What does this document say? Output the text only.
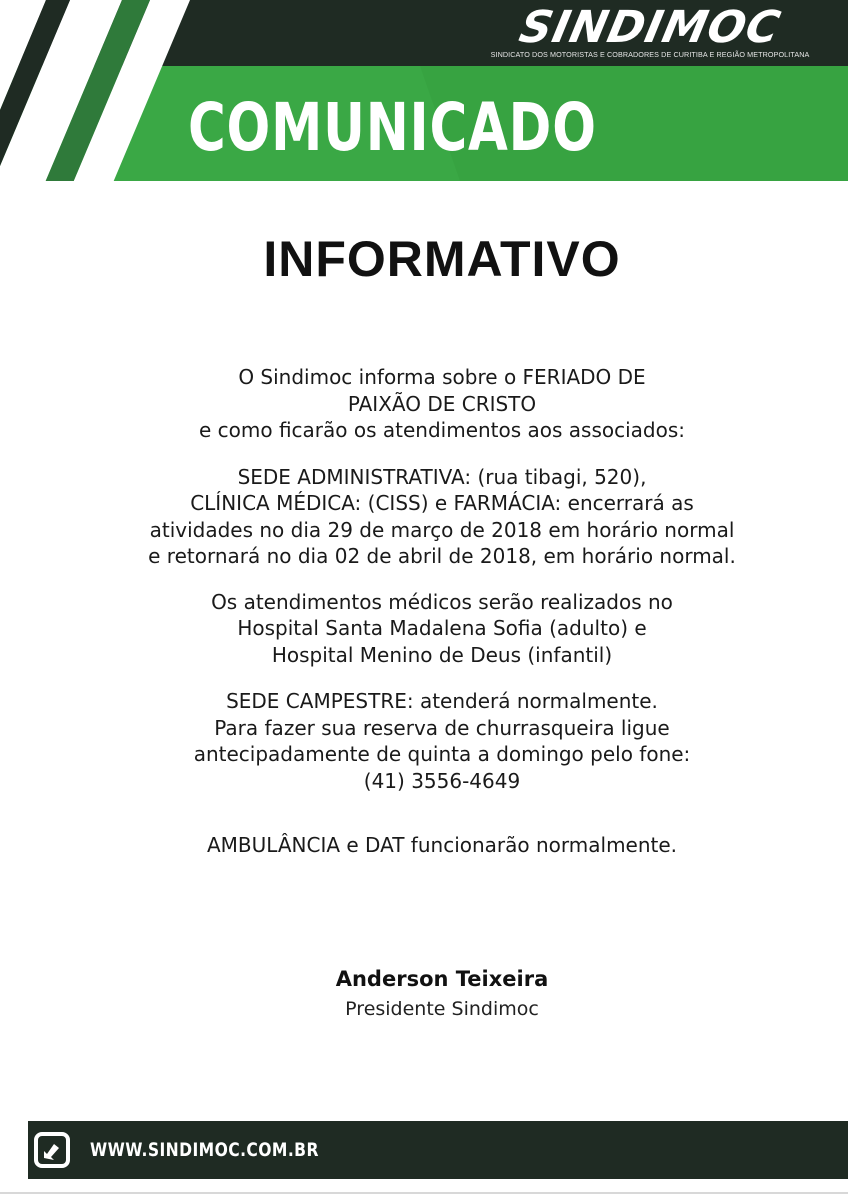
SINDIMOC
SINDICATO DOS MOTORISTAS E COBRADORES DE CURITIBA E REGIÃO METROPOLITANA
COMUNICADO
INFORMATIVO

O Sindimoc informa sobre o FERIADO DE
PAIXÃO DE CRISTO
e como ficarão os atendimentos aos associados:

SEDE ADMINISTRATIVA: (rua tibagi, 520),
CLÍNICA MÉDICA: (CISS) e FARMÁCIA: encerrará as
atividades no dia 29 de março de 2018 em horário normal
e retornará no dia 02 de abril de 2018, em horário normal.

Os atendimentos médicos serão realizados no
Hospital Santa Madalena Sofia (adulto) e
Hospital Menino de Deus (infantil)

SEDE CAMPESTRE: atenderá normalmente.
Para fazer sua reserva de churrasqueira ligue
antecipadamente de quinta a domingo pelo fone:
(41) 3556-4649

AMBULÂNCIA e DAT funcionarão normalmente.

Anderson Teixeira
Presidente Sindimoc
WWW.SINDIMOC.COM.BR
